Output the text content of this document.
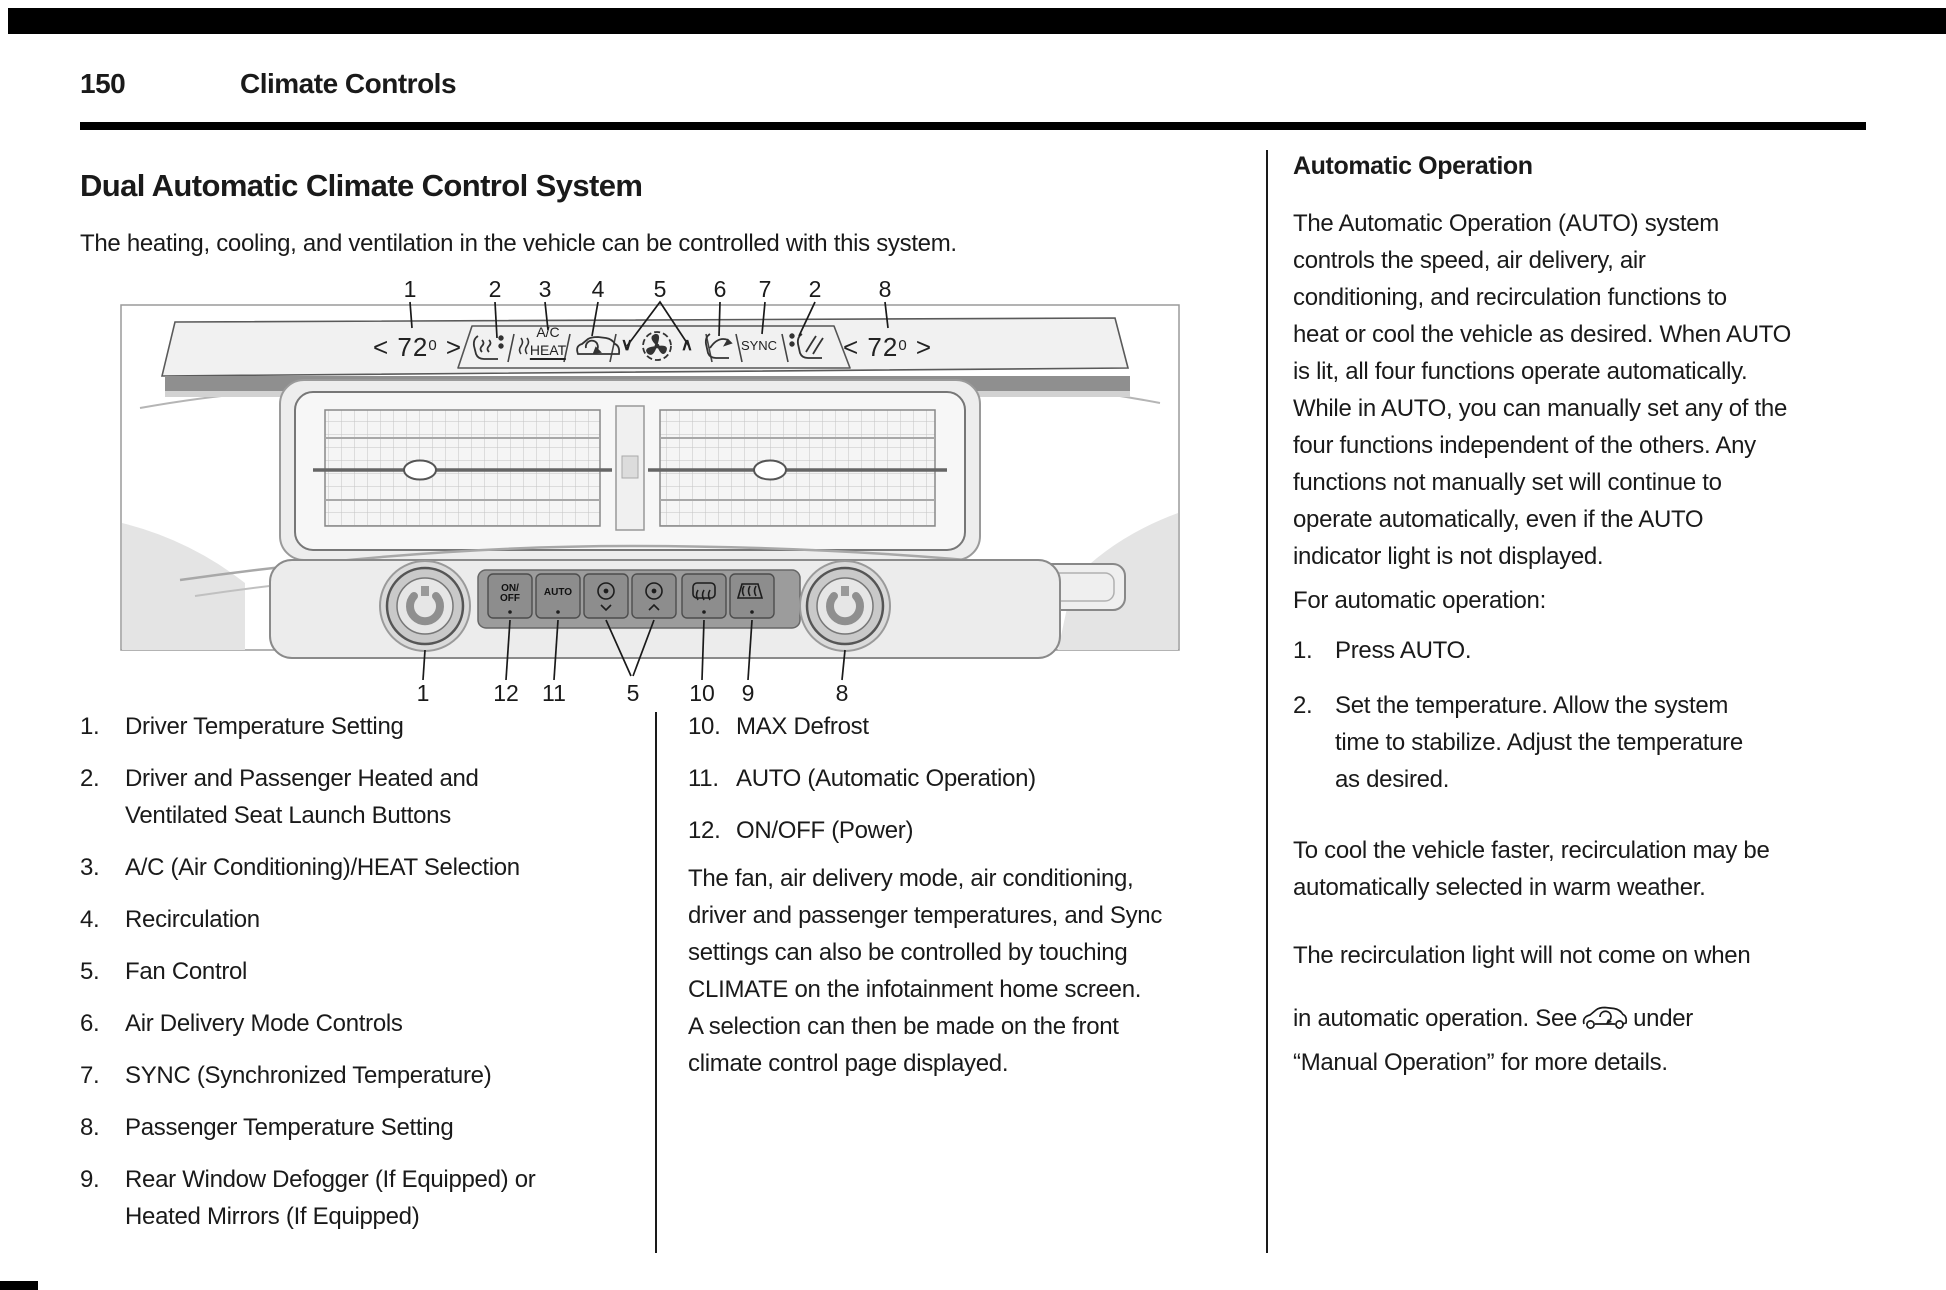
150	Climate Controls
Dual Automatic Climate Control System
The heating, cooling, and ventilation in the vehicle can be controlled with this system.
< $72^0$ >	< $72^0$ >
A/C
HEAT	SYNC
∨	∧
ON/
OFF
AUTO
1	2 3 4 5 6 7 2 8
1	12 11	5 10 9	8
1. Driver Temperature Setting
2. Driver and Passenger Heated and
Ventilated Seat Launch Buttons
3. A/C (Air Conditioning)/HEAT Selection
4. Recirculation
5. Fan Control
6. Air Delivery Mode Controls
7. SYNC (Synchronized Temperature)
8. Passenger Temperature Setting
9. Rear Window Defogger (If Equipped) or
Heated Mirrors (If Equipped)
10. MAX Defrost
11. AUTO (Automatic Operation)
12. ON/OFF (Power)
The fan, air delivery mode, air conditioning,
driver and passenger temperatures, and Sync
settings can also be controlled by touching
CLIMATE on the infotainment home screen.
A selection can then be made on the front
climate control page displayed.
Automatic Operation
The Automatic Operation (AUTO) system
controls the speed, air delivery, air
conditioning, and recirculation functions to
heat or cool the vehicle as desired. When AUTO
is lit, all four functions operate automatically.
While in AUTO, you can manually set any of the
four functions independent of the others. Any
functions not manually set will continue to
operate automatically, even if the AUTO
indicator light is not displayed.
For automatic operation:
1. Press AUTO.
2. Set the temperature. Allow the system
time to stabilize. Adjust the temperature
as desired.
To cool the vehicle faster, recirculation may be
automatically selected in warm weather.
The recirculation light will not come on when
in automatic operation. See under
“Manual Operation” for more details.
